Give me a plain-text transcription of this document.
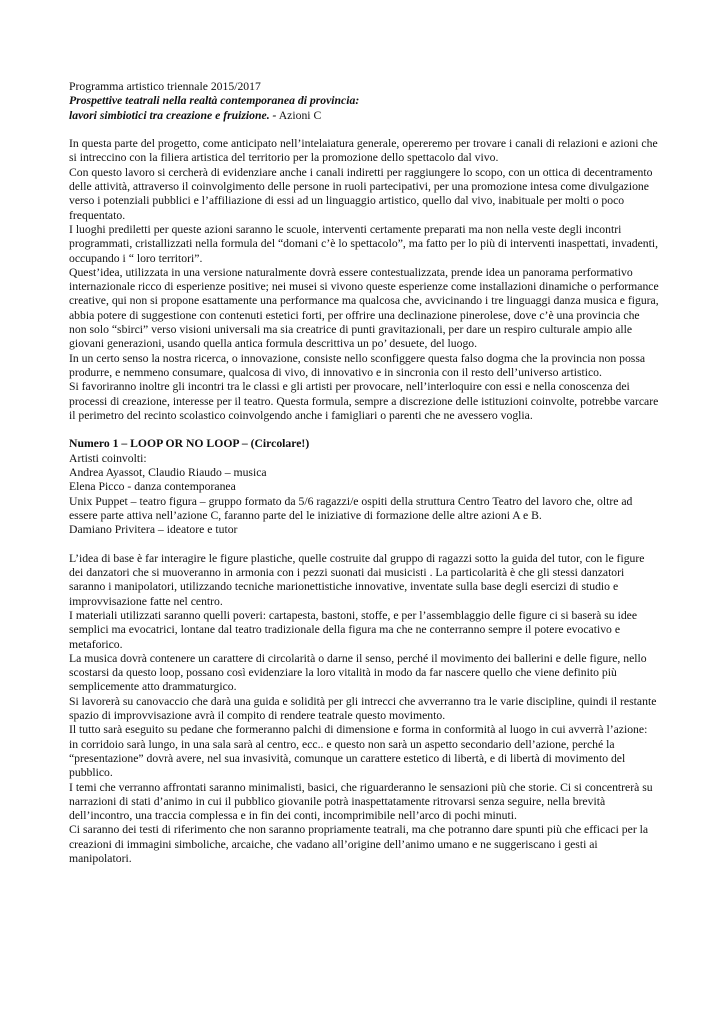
Programma artistico triennale 2015/2017

Prospettive teatrali nella realtà contemporanea di provincia:

lavori simbiotici tra creazione e fruizione. - Azioni C

In questa parte del progetto, come anticipato nell’intelaiatura generale, opereremo per trovare i canali di relazioni e azioni che si intreccino con la filiera artistica del territorio per la promozione dello spettacolo dal vivo.

Con questo lavoro si cercherà di evidenziare anche i canali indiretti per raggiungere lo scopo, con un ottica di decentramento delle attività, attraverso il coinvolgimento delle persone in ruoli partecipativi, per una promozione intesa come divulgazione verso i potenziali pubblici e l’affiliazione di essi ad un linguaggio artistico, quello dal vivo, inabituale per molti o poco frequentato.

I luoghi prediletti per queste azioni saranno le scuole, interventi certamente preparati ma non nella veste degli incontri programmati, cristallizzati nella formula del “domani c’è lo spettacolo”, ma fatto per lo più di interventi inaspettati, invadenti, occupando i “ loro territori”.

Quest’idea, utilizzata in una versione naturalmente dovrà essere contestualizzata, prende idea un panorama performativo internazionale ricco di esperienze positive; nei musei si vivono queste esperienze come installazioni dinamiche o performance creative, qui non si propone esattamente una performance ma qualcosa che, avvicinando i tre linguaggi danza musica e figura, abbia potere di suggestione con contenuti estetici forti, per offrire una declinazione pinerolese, dove c’è una provincia che non solo “sbirci” verso visioni universali ma sia creatrice di punti gravitazionali, per dare un respiro culturale ampio alle giovani generazioni, usando quella antica formula descrittiva un po’ desuete, del luogo.

In un certo senso la nostra ricerca, o innovazione, consiste nello sconfiggere questa falso dogma che la provincia non possa produrre, e nemmeno consumare, qualcosa di vivo, di innovativo e in sincronia con il resto dell’universo artistico.

Si favoriranno inoltre gli incontri tra le classi e gli artisti per provocare, nell’interloquire con essi e nella conoscenza dei processi di creazione, interesse per il teatro. Questa formula, sempre a discrezione delle istituzioni coinvolte, potrebbe varcare il perimetro del recinto scolastico coinvolgendo anche i famigliari o parenti che ne avessero voglia.

Numero 1 – LOOP OR NO LOOP – (Circolare!)

Artisti coinvolti:

Andrea Ayassot, Claudio Riaudo – musica

Elena Picco - danza contemporanea

Unix Puppet – teatro figura – gruppo formato da 5/6 ragazzi/e ospiti della struttura Centro Teatro del lavoro che, oltre ad essere parte attiva nell’azione C, faranno parte del le iniziative di formazione delle altre azioni A e B.

Damiano Privitera – ideatore e tutor

L’idea di base è far interagire le figure plastiche, quelle costruite dal gruppo di ragazzi sotto la guida del tutor, con le figure dei danzatori che si muoveranno in armonia con i pezzi suonati dai musicisti . La particolarità è che gli stessi danzatori saranno i manipolatori, utilizzando tecniche marionettistiche innovative, inventate sulla base degli esercizi di studio e improvvisazione fatte nel centro.

I materiali utilizzati saranno quelli poveri: cartapesta, bastoni, stoffe, e per l’assemblaggio delle figure ci si baserà su idee semplici ma evocatrici, lontane dal teatro tradizionale della figura ma che ne conterranno sempre il potere evocativo e metaforico.

La musica dovrà contenere un carattere di circolarità o darne il senso, perché il movimento dei ballerini e delle figure, nello scostarsi da questo loop, possano così evidenziare la loro vitalità in modo da far nascere quello che viene definito più semplicemente atto drammaturgico.

Si lavorerà su canovaccio che darà una guida e solidità per gli intrecci che avverranno tra le varie discipline, quindi il restante spazio di improvvisazione avrà il compito di rendere teatrale questo movimento.

Il tutto sarà eseguito su pedane che formeranno palchi di dimensione e forma in conformità al luogo in cui avverrà l’azione: in corridoio sarà lungo, in una sala sarà al centro, ecc.. e questo non sarà un aspetto secondario dell’azione, perché la “presentazione” dovrà avere, nel sua invasività, comunque un carattere estetico di libertà, e di libertà di movimento del pubblico.

I temi che verranno affrontati saranno minimalisti, basici, che riguarderanno le sensazioni più che storie. Ci si concentrerà su narrazioni di stati d’animo in cui il pubblico giovanile potrà inaspettatamente ritrovarsi senza seguire, nella brevità dell’incontro, una traccia complessa e in fin dei conti, incomprimibile nell’arco di pochi minuti.

Ci saranno dei testi di riferimento che non saranno propriamente teatrali, ma che potranno dare spunti più che efficaci per la creazioni di immagini simboliche, arcaiche, che vadano all’origine dell’animo umano e ne suggeriscano i gesti ai manipolatori.
